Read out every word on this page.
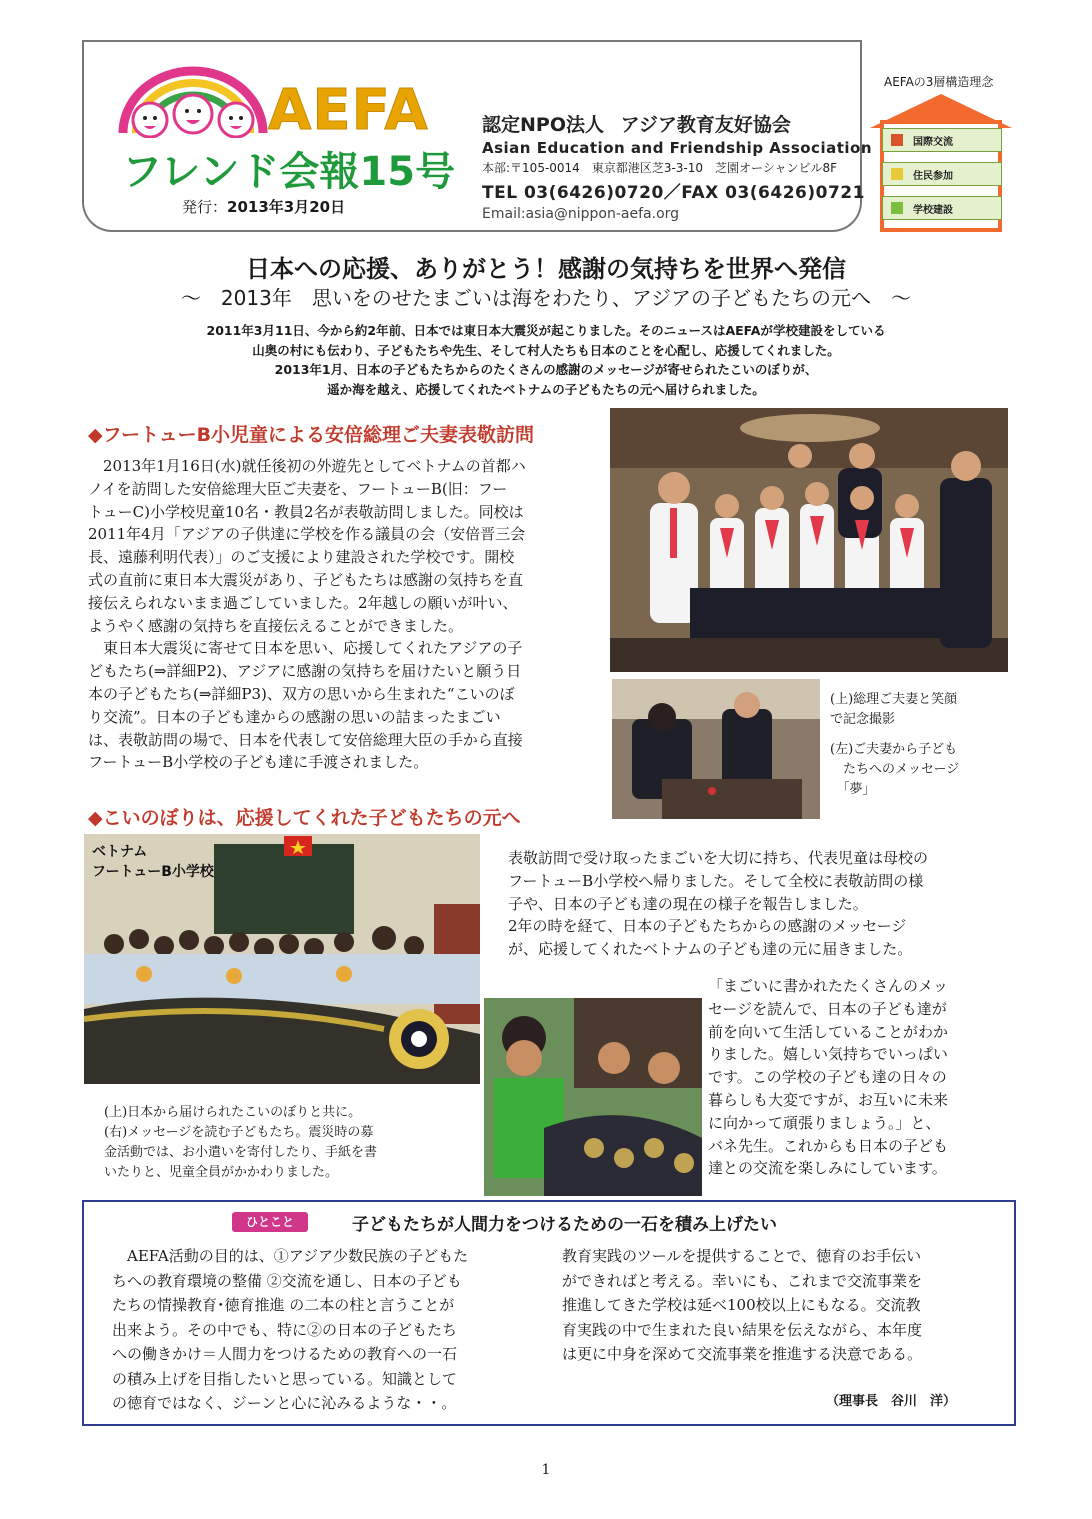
AEFA
フレンド会報15号
発行：2013年3月20日
認定NPO法人 アジア教育友好協会
Asian Education and Friendship Association
本部:〒105-0014　東京都港区芝3-3-10　芝園オーシャンビル8F
TEL 03(6426)0720／FAX 03(6426)0721
Email:asia@nippon-aefa.org
AEFAの3層構造理念
国際交流
住民参加
学校建設
日本への応援、ありがとう！感謝の気持ちを世界へ発信
～　2013年　思いをのせたまごいは海をわたり、アジアの子どもたちの元へ　～
2011年3月11日、今から約2年前、日本では東日本大震災が起こりました。そのニュースはAEFAが学校建設をしている
山奥の村にも伝わり、子どもたちや先生、そして村人たちも日本のことを心配し、応援してくれました。
2013年1月、日本の子どもたちからのたくさんの感謝のメッセージが寄せられたこいのぼりが、
遥か海を越え、応援してくれたベトナムの子どもたちの元へ届けられました。
◆フートューB小児童による安倍総理ご夫妻表敬訪問
　2013年1月16日(水)就任後初の外遊先としてベトナムの首都ハ
ノイを訪問した安倍総理大臣ご夫妻を、フートューB(旧：フー
トューC)小学校児童10名・教員2名が表敬訪問しました。同校は
2011年4月「アジアの子供達に学校を作る議員の会（安倍晋三会
長、遠藤利明代表）」のご支援により建設された学校です。開校
式の直前に東日本大震災があり、子どもたちは感謝の気持ちを直
接伝えられないまま過ごしていました。2年越しの願いが叶い、
ようやく感謝の気持ちを直接伝えることができました。
　東日本大震災に寄せて日本を思い、応援してくれたアジアの子
どもたち(⇒詳細P2)、アジアに感謝の気持ちを届けたいと願う日
本の子どもたち(⇒詳細P3)、双方の思いから生まれた“こいのぼ
り交流”。日本の子ども達からの感謝の思いの詰まったまごい
は、表敬訪問の場で、日本を代表して安倍総理大臣の手から直接
フートューB小学校の子ども達に手渡されました。
(上)総理ご夫妻と笑顔
で記念撮影
(左)ご夫妻から子ども
　たちへのメッセージ
　「夢」
◆こいのぼりは、応援してくれた子どもたちの元へ
ベトナム
フートューB小学校
表敬訪問で受け取ったまごいを大切に持ち、代表児童は母校の
フートューB小学校へ帰りました。そして全校に表敬訪問の様
子や、日本の子ども達の現在の様子を報告しました。
2年の時を経て、日本の子どもたちからの感謝のメッセージ
が、応援してくれたベトナムの子ども達の元に届きました。
「まごいに書かれたたくさんのメッ
セージを読んで、日本の子ども達が
前を向いて生活していることがわか
りました。嬉しい気持ちでいっぱい
です。この学校の子ども達の日々の
暮らしも大変ですが、お互いに未来
に向かって頑張りましょう。」と、
バネ先生。これからも日本の子ども
達との交流を楽しみにしています。
(上)日本から届けられたこいのぼりと共に。
(右)メッセージを読む子どもたち。震災時の募
金活動では、お小遣いを寄付したり、手紙を書
いたりと、児童全員がかかわりました。
ひとこと	子どもたちが人間力をつけるための一石を積み上げたい
　AEFA活動の目的は、①アジア少数民族の子どもた
ちへの教育環境の整備 ②交流を通し、日本の子ども
たちの情操教育･徳育推進 の二本の柱と言うことが
出来よう。その中でも、特に②の日本の子どもたち
への働きかけ＝人間力をつけるための教育への一石
の積み上げを目指したいと思っている。知識として
の徳育ではなく、ジーンと心に沁みるような・・。
教育実践のツールを提供することで、徳育のお手伝い
ができればと考える。幸いにも、これまで交流事業を
推進してきた学校は延べ100校以上にもなる。交流教
育実践の中で生まれた良い結果を伝えながら、本年度
は更に中身を深めて交流事業を推進する決意である。
（理事長　谷川　洋）
1
